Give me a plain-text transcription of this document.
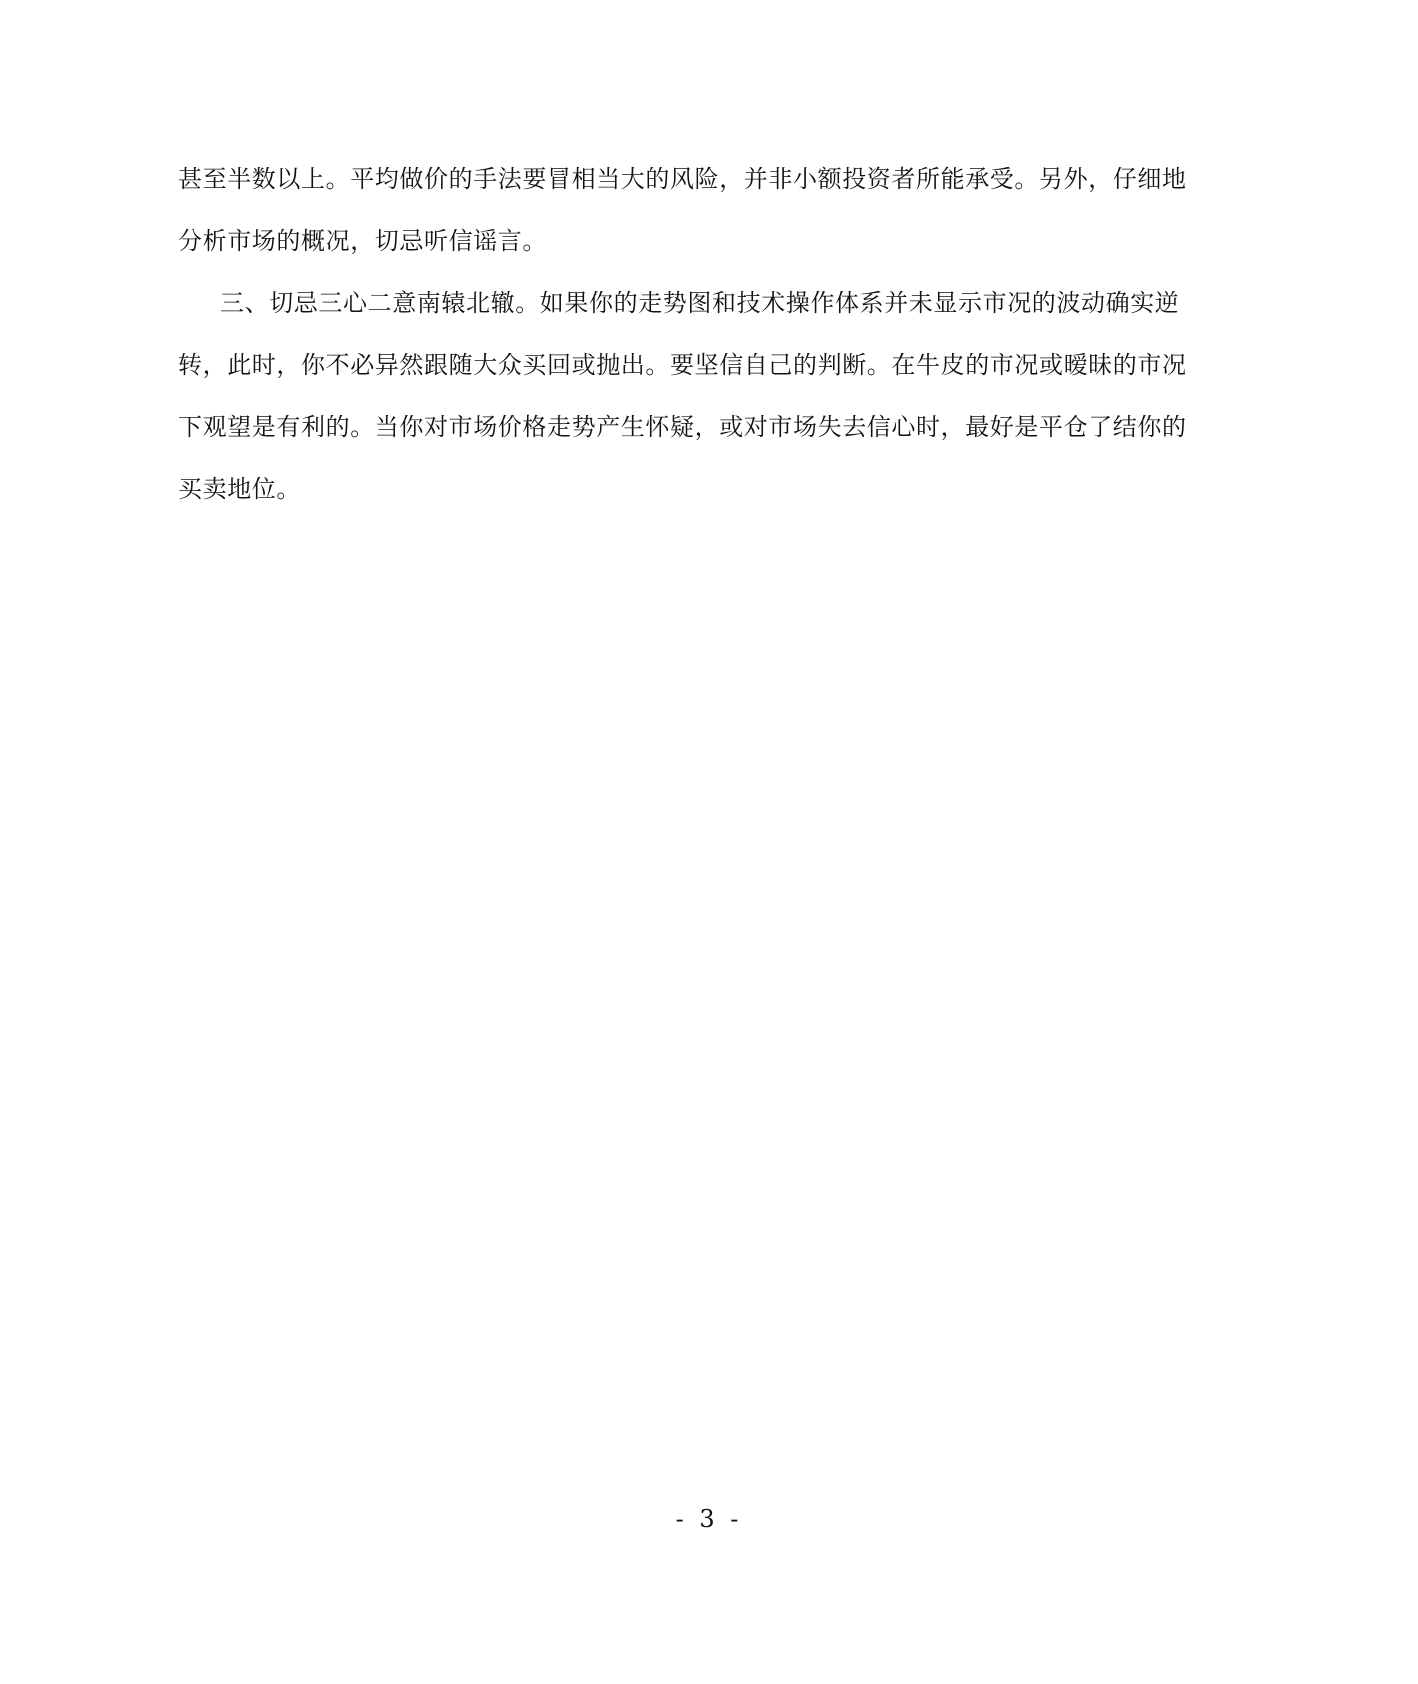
甚至半数以上。平均做价的手法要冒相当大的风险，并非小额投资者所能承受。另外，仔细地
分析市场的概况，切忌听信谣言。

三、切忌三心二意南辕北辙。如果你的走势图和技术操作体系并未显示市况的波动确实逆
转，此时，你不必异然跟随大众买回或抛出。要坚信自己的判断。在牛皮的市况或暧昧的市况
下观望是有利的。当你对市场价格走势产生怀疑，或对市场失去信心时，最好是平仓了结你的
买卖地位。

- 3 -
